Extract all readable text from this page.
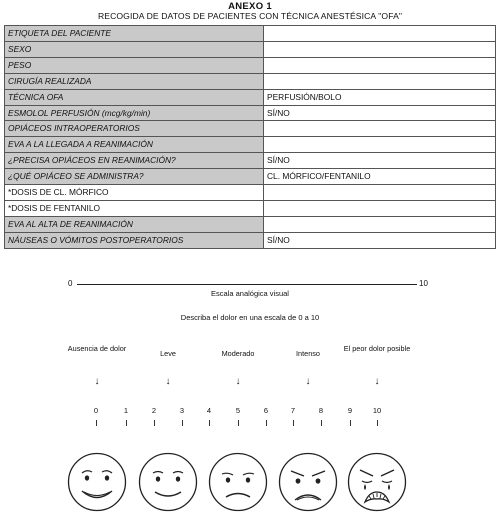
ANEXO 1
RECOGIDA DE DATOS DE PACIENTES CON TÉCNICA ANESTÉSICA "OFA"
ETIQUETA DEL PACIENTE	
SEXO	
PESO	
CIRUGÍA REALIZADA	
TÉCNICA OFA	PERFUSIÓN/BOLO
ESMOLOL PERFUSIÓN (mcg/kg/min)	SÍ/NO
OPIÁCEOS INTRAOPERATORIOS	
EVA A LA LLEGADA A REANIMACIÓN	
¿PRECISA OPIÁCEOS EN REANIMACIÓN?	SÍ/NO
¿QUÉ OPIÁCEO SE ADMINISTRA?	CL. MÓRFICO/FENTANILO
*DOSIS DE CL. MÓRFICO	
*DOSIS DE FENTANILO	
EVA AL ALTA DE REANIMACIÓN	
NÁUSEAS O VÓMITOS POSTOPERATORIOS	SÍ/NO
0	10
Escala analógica visual
Describa el dolor en una escala de 0 a 10
Ausencia de dolor
↓
Leve
↓
Moderado
↓
Intenso
↓
El peor dolor posible
↓
0	1	2	3	4	5	6	7	8	9	10
